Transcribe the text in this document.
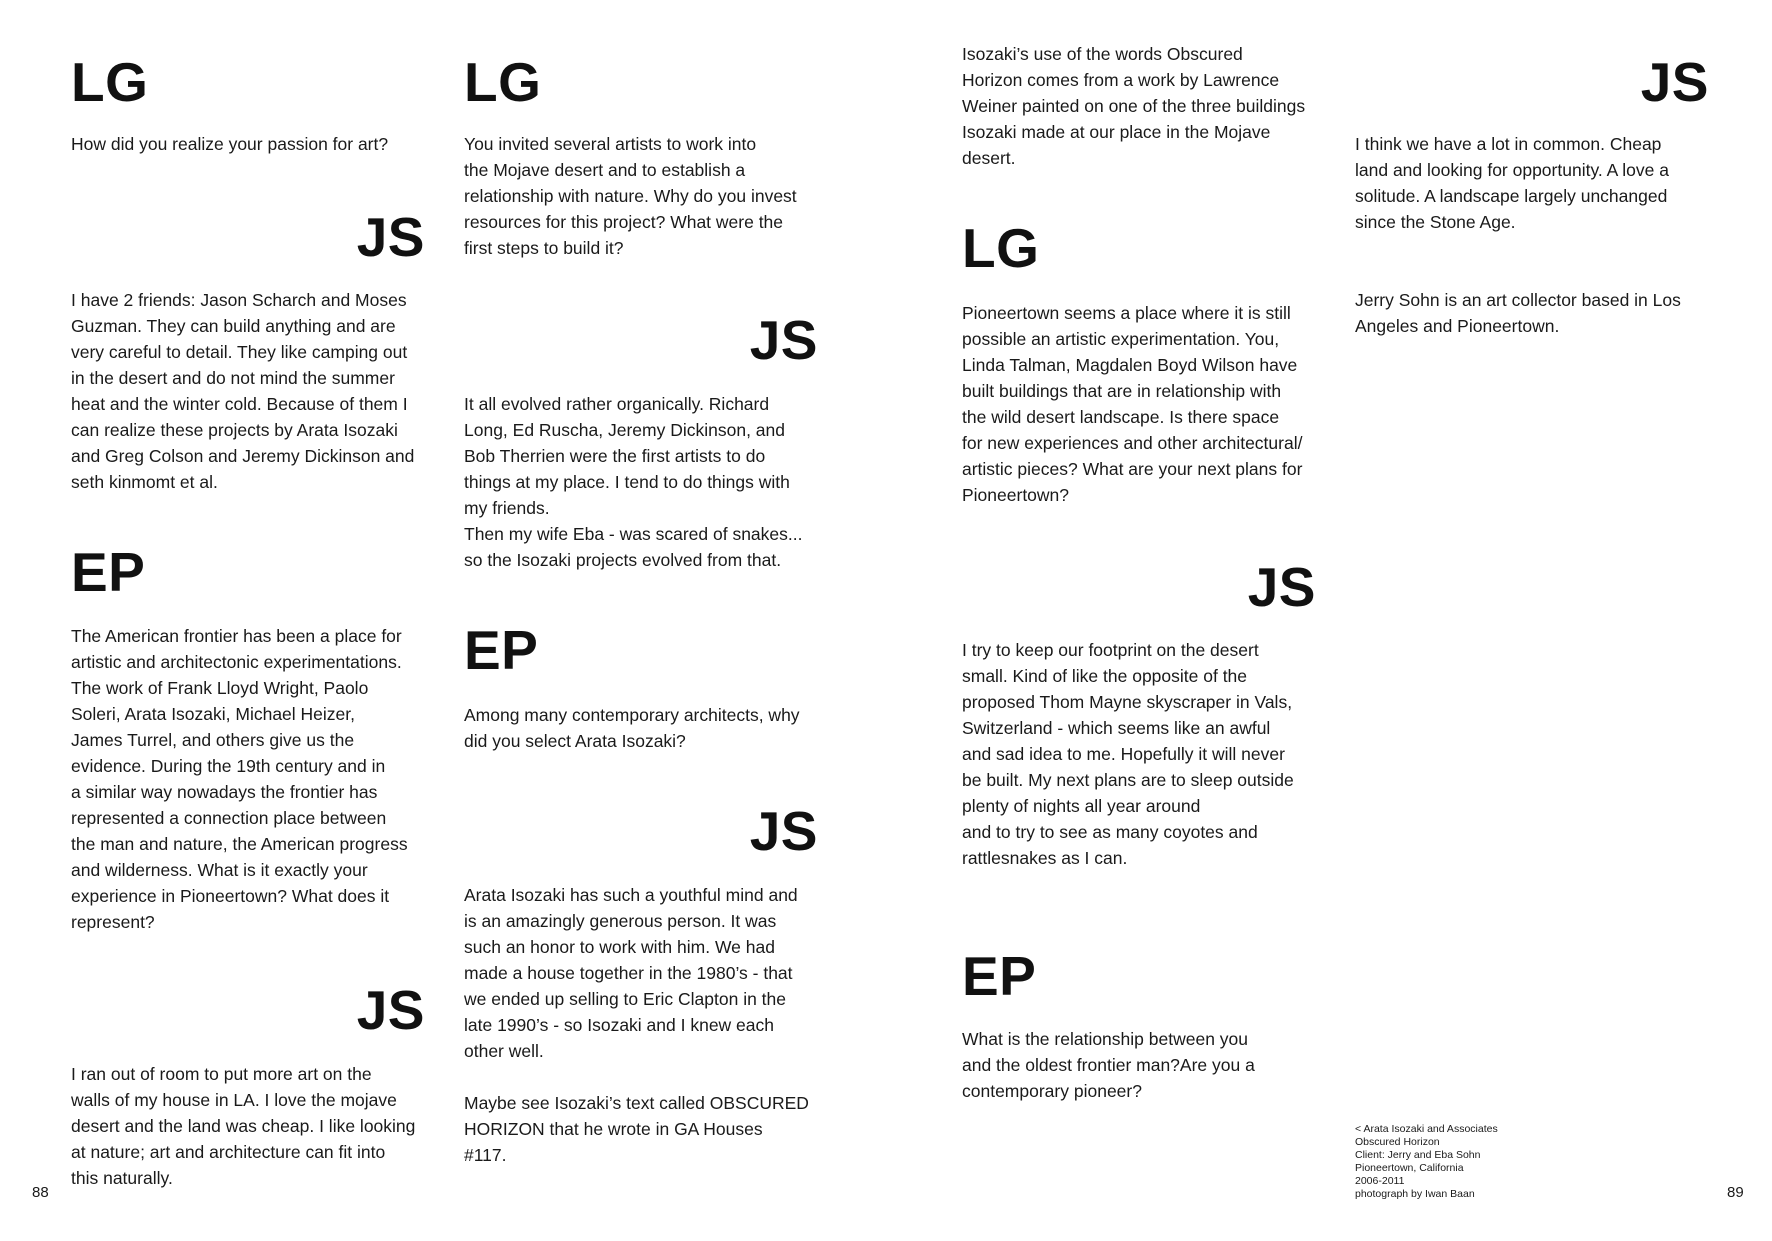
LG

How did you realize your passion for art?

JS

I have 2 friends: Jason Scharch and Moses
Guzman. They can build anything and are
very careful to detail. They like camping out
in the desert and do not mind the summer
heat and the winter cold. Because of them I
can realize these projects by Arata Isozaki
and Greg Colson and Jeremy Dickinson and
seth kinmomt et al.

EP

The American frontier has been a place for
artistic and architectonic experimentations.
The work of Frank Lloyd Wright, Paolo
Soleri, Arata Isozaki, Michael Heizer,
James Turrel, and others give us the
evidence. During the 19th century and in
a similar way nowadays the frontier has
represented a connection place between
the man and nature, the American progress
and wilderness. What is it exactly your
experience in Pioneertown? What does it
represent?

JS

I ran out of room to put more art on the
walls of my house in LA. I love the mojave
desert and the land was cheap. I like looking
at nature; art and architecture can fit into
this naturally.

LG

You invited several artists to work into
the Mojave desert and to establish a
relationship with nature. Why do you invest
resources for this project? What were the
first steps to build it?

JS

It all evolved rather organically. Richard
Long, Ed Ruscha, Jeremy Dickinson, and
Bob Therrien were the first artists to do
things at my place. I tend to do things with
my friends.
Then my wife Eba - was scared of snakes...
so the Isozaki projects evolved from that.

EP

Among many contemporary architects, why
did you select Arata Isozaki?

JS

Arata Isozaki has such a youthful mind and
is an amazingly generous person. It was
such an honor to work with him. We had
made a house together in the 1980’s - that
we ended up selling to Eric Clapton in the
late 1990’s - so Isozaki and I knew each
other well.

Maybe see Isozaki’s text called OBSCURED
HORIZON that he wrote in GA Houses
#117.

Isozaki’s use of the words Obscured
Horizon comes from a work by Lawrence
Weiner painted on one of the three buildings
Isozaki made at our place in the Mojave
desert.

LG

Pioneertown seems a place where it is still
possible an artistic experimentation. You,
Linda Talman, Magdalen Boyd Wilson have
built buildings that are in relationship with
the wild desert landscape. Is there space
for new experiences and other architectural/
artistic pieces? What are your next plans for
Pioneertown?

JS

I try to keep our footprint on the desert
small. Kind of like the opposite of the
proposed Thom Mayne skyscraper in Vals,
Switzerland - which seems like an awful
and sad idea to me. Hopefully it will never
be built. My next plans are to sleep outside
plenty of nights all year around
and to try to see as many coyotes and
rattlesnakes as I can.

EP

What is the relationship between you
and the oldest frontier man?Are you a
contemporary pioneer?

JS

I think we have a lot in common. Cheap
land and looking for opportunity. A love a
solitude. A landscape largely unchanged
since the Stone Age.

Jerry Sohn is an art collector based in Los
Angeles and Pioneertown.

< Arata Isozaki and Associates
Obscured Horizon
Client: Jerry and Eba Sohn
Pioneertown, California
2006-2011
photograph by Iwan Baan
88	89
